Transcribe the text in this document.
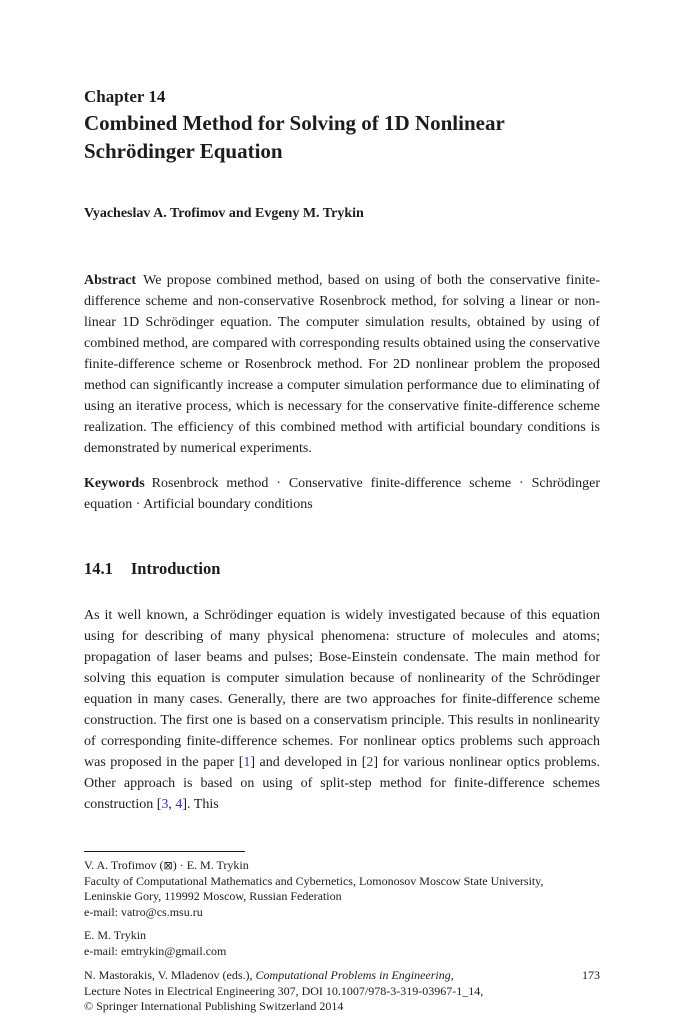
Chapter 14
Combined Method for Solving of 1D Nonlinear
Schrödinger Equation
Vyacheslav A. Trofimov and Evgeny M. Trykin

Abstract We propose combined method, based on using of both the conservative finite-difference scheme and non-conservative Rosenbrock method, for solving a linear or non-linear 1D Schrödinger equation. The computer simulation results, obtained by using of combined method, are compared with corresponding results obtained using the conservative finite-difference scheme or Rosenbrock method. For 2D nonlinear problem the proposed method can significantly increase a computer simulation performance due to eliminating of using an iterative process, which is necessary for the conservative finite-difference scheme realization. The efficiency of this combined method with artificial boundary conditions is demonstrated by numerical experiments.

Keywords Rosenbrock method · Conservative finite-difference scheme · Schrödinger equation · Artificial boundary conditions

14.1 Introduction

As it well known, a Schrödinger equation is widely investigated because of this equation using for describing of many physical phenomena: structure of molecules and atoms; propagation of laser beams and pulses; Bose-Einstein condensate. The main method for solving this equation is computer simulation because of nonlinearity of the Schrödinger equation in many cases. Generally, there are two approaches for finite-difference scheme construction. The first one is based on a conservatism principle. This results in nonlinearity of corresponding finite-difference schemes. For nonlinear optics problems such approach was proposed in the paper [1] and developed in [2] for various nonlinear optics problems. Other approach is based on using of split-step method for finite-difference schemes construction [3, 4]. This

V. A. Trofimov (⊠) · E. M. Trykin
Faculty of Computational Mathematics and Cybernetics, Lomonosov Moscow State University,
Leninskie Gory, 119992 Moscow, Russian Federation
e-mail: vatro@cs.msu.ru
E. M. Trykin
e-mail: emtrykin@gmail.com
N. Mastorakis, V. Mladenov (eds.), Computational Problems in Engineering,	173
Lecture Notes in Electrical Engineering 307, DOI 10.1007/978-3-319-03967-1_14,
© Springer International Publishing Switzerland 2014
